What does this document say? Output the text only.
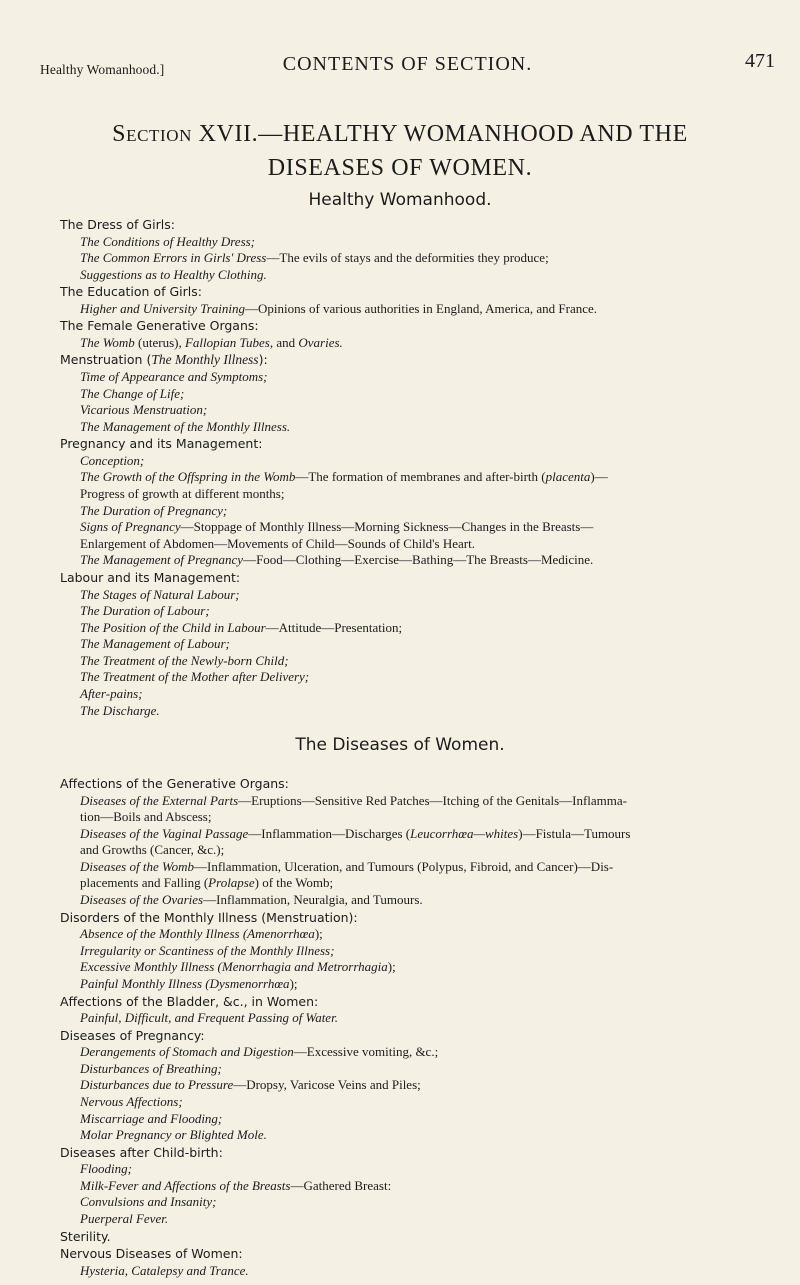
Healthy Womanhood.]	CONTENTS OF SECTION.	471
Section XVII.—HEALTHY WOMANHOOD AND THE
DISEASES OF WOMEN.
Healthy Womanhood.
The Dress of Girls:
The Conditions of Healthy Dress;
The Common Errors in Girls' Dress—The evils of stays and the deformities they produce;
Suggestions as to Healthy Clothing.
The Education of Girls:
Higher and University Training—Opinions of various authorities in England, America, and France.
The Female Generative Organs:
The Womb (uterus), Fallopian Tubes, and Ovaries.
Menstruation (The Monthly Illness):
Time of Appearance and Symptoms;
The Change of Life;
Vicarious Menstruation;
The Management of the Monthly Illness.
Pregnancy and its Management:
Conception;
The Growth of the Offspring in the Womb—The formation of membranes and after-birth (placenta)—
Progress of growth at different months;
The Duration of Pregnancy;
Signs of Pregnancy—Stoppage of Monthly Illness—Morning Sickness—Changes in the Breasts—
Enlargement of Abdomen—Movements of Child—Sounds of Child's Heart.
The Management of Pregnancy—Food—Clothing—Exercise—Bathing—The Breasts—Medicine.
Labour and its Management:
The Stages of Natural Labour;
The Duration of Labour;
The Position of the Child in Labour—Attitude—Presentation;
The Management of Labour;
The Treatment of the Newly-born Child;
The Treatment of the Mother after Delivery;
After-pains;
The Discharge.
The Diseases of Women.
Affections of the Generative Organs:
Diseases of the External Parts—Eruptions—Sensitive Red Patches—Itching of the Genitals—Inflamma-
tion—Boils and Abscess;
Diseases of the Vaginal Passage—Inflammation—Discharges (Leucorrhœa—whites)—Fistula—Tumours
and Growths (Cancer, &c.);
Diseases of the Womb—Inflammation, Ulceration, and Tumours (Polypus, Fibroid, and Cancer)—Dis-
placements and Falling (Prolapse) of the Womb;
Diseases of the Ovaries—Inflammation, Neuralgia, and Tumours.
Disorders of the Monthly Illness (Menstruation):
Absence of the Monthly Illness (Amenorrhœa);
Irregularity or Scantiness of the Monthly Illness;
Excessive Monthly Illness (Menorrhagia and Metrorrhagia);
Painful Monthly Illness (Dysmenorrhœa);
Affections of the Bladder, &c., in Women:
Painful, Difficult, and Frequent Passing of Water.
Diseases of Pregnancy:
Derangements of Stomach and Digestion—Excessive vomiting, &c.;
Disturbances of Breathing;
Disturbances due to Pressure—Dropsy, Varicose Veins and Piles;
Nervous Affections;
Miscarriage and Flooding;
Molar Pregnancy or Blighted Mole.
Diseases after Child-birth:
Flooding;
Milk-Fever and Affections of the Breasts—Gathered Breast:
Convulsions and Insanity;
Puerperal Fever.
Sterility.
Nervous Diseases of Women:
Hysteria, Catalepsy and Trance.
